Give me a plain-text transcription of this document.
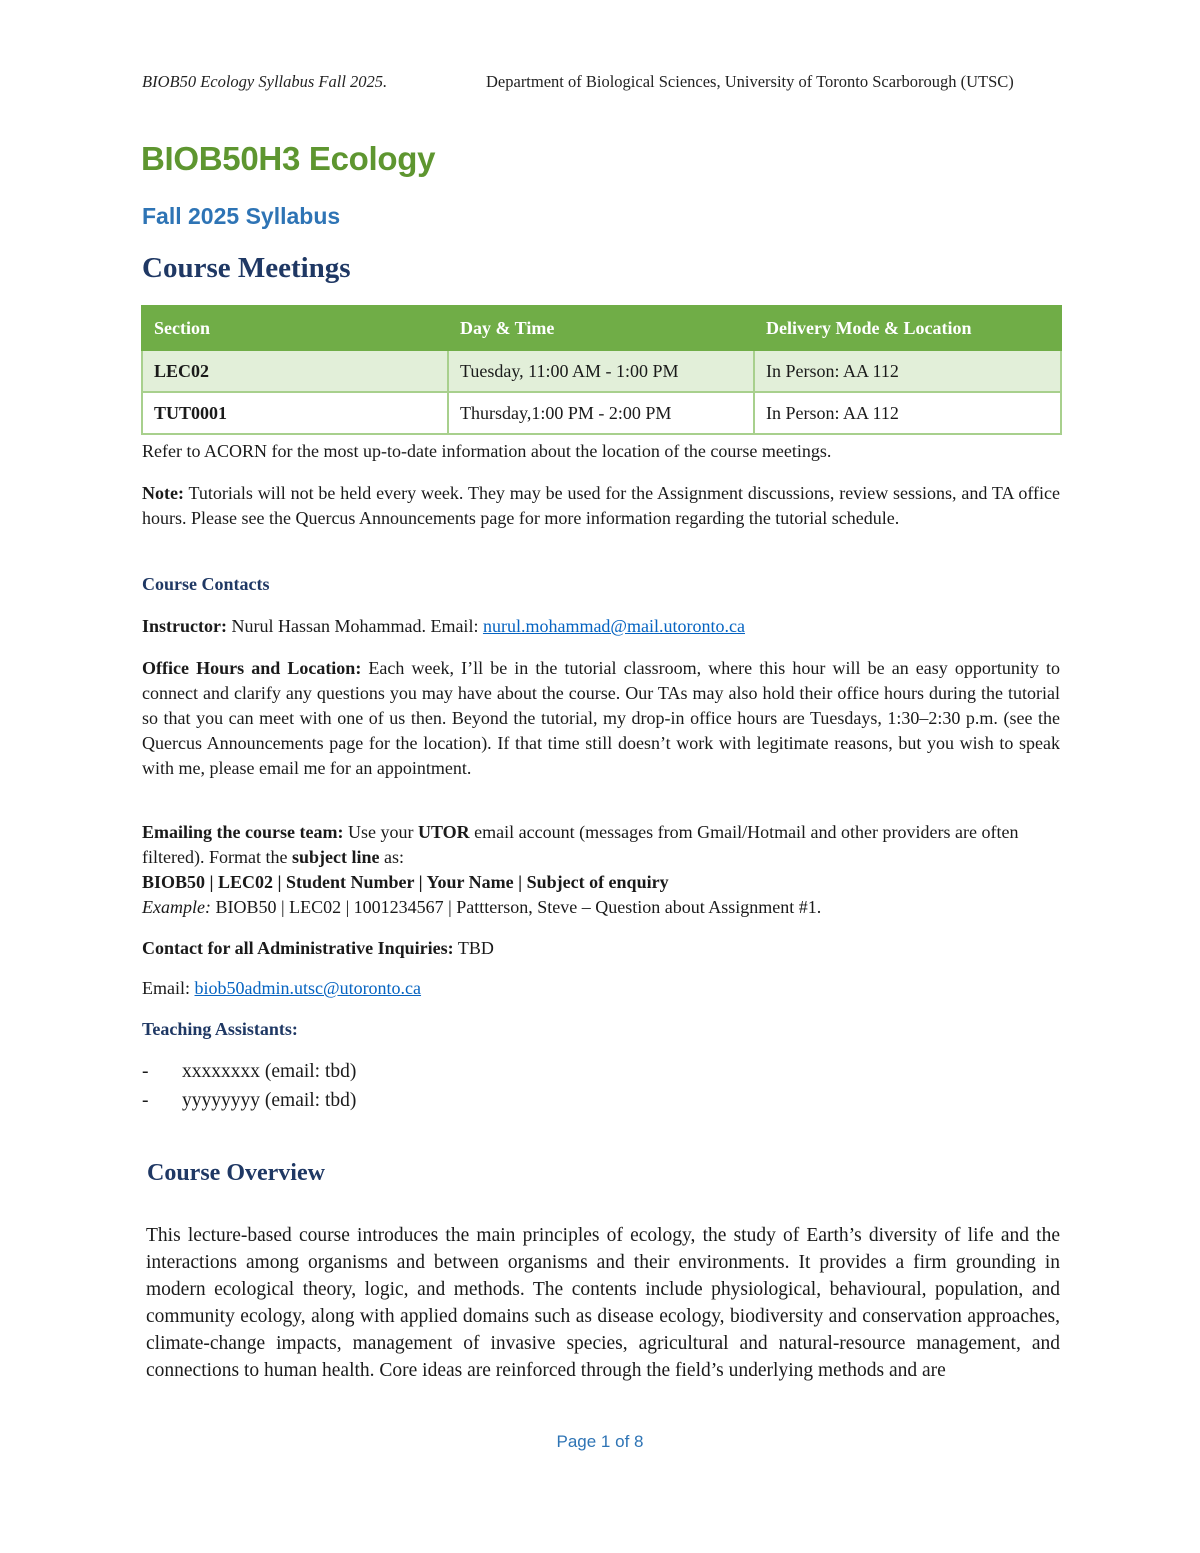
BIOB50 Ecology Syllabus Fall 2025.	Department of Biological Sciences, University of Toronto Scarborough (UTSC)
BIOB50H3 Ecology
Fall 2025 Syllabus
Course Meetings
Section	Day & Time	Delivery Mode & Location
LEC02	Tuesday, 11:00 AM - 1:00 PM	In Person: AA 112
TUT0001	Thursday,1:00 PM - 2:00 PM	In Person: AA 112
Refer to ACORN for the most up-to-date information about the location of the course meetings.
Note: Tutorials will not be held every week. They may be used for the Assignment discussions, review sessions, and TA office hours. Please see the Quercus Announcements page for more information regarding the tutorial schedule.
Course Contacts
Instructor: Nurul Hassan Mohammad. Email: nurul.mohammad@mail.utoronto.ca
Office Hours and Location: Each week, I’ll be in the tutorial classroom, where this hour will be an easy opportunity to connect and clarify any questions you may have about the course. Our TAs may also hold their office hours during the tutorial so that you can meet with one of us then. Beyond the tutorial, my drop-in office hours are Tuesdays, 1:30–2:30 p.m. (see the Quercus Announcements page for the location). If that time still doesn’t work with legitimate reasons, but you wish to speak with me, please email me for an appointment.
Emailing the course team: Use your UTOR email account (messages from Gmail/Hotmail and other providers are often filtered). Format the subject line as:
BIOB50 | LEC02 | Student Number | Your Name | Subject of enquiry
Example: BIOB50 | LEC02 | 1001234567 | Pattterson, Steve – Question about Assignment #1.
Contact for all Administrative Inquiries: TBD
Email: biob50admin.utsc@utoronto.ca
Teaching Assistants:
-	xxxxxxxx (email: tbd)
-	yyyyyyyy (email: tbd)
Course Overview
This lecture-based course introduces the main principles of ecology, the study of Earth’s diversity of life and the interactions among organisms and between organisms and their environments. It provides a firm grounding in modern ecological theory, logic, and methods. The contents include physiological, behavioural, population, and community ecology, along with applied domains such as disease ecology, biodiversity and conservation approaches, climate-change impacts, management of invasive species, agricultural and natural-resource management, and connections to human health. Core ideas are reinforced through the field’s underlying methods and are
Page 1 of 8
